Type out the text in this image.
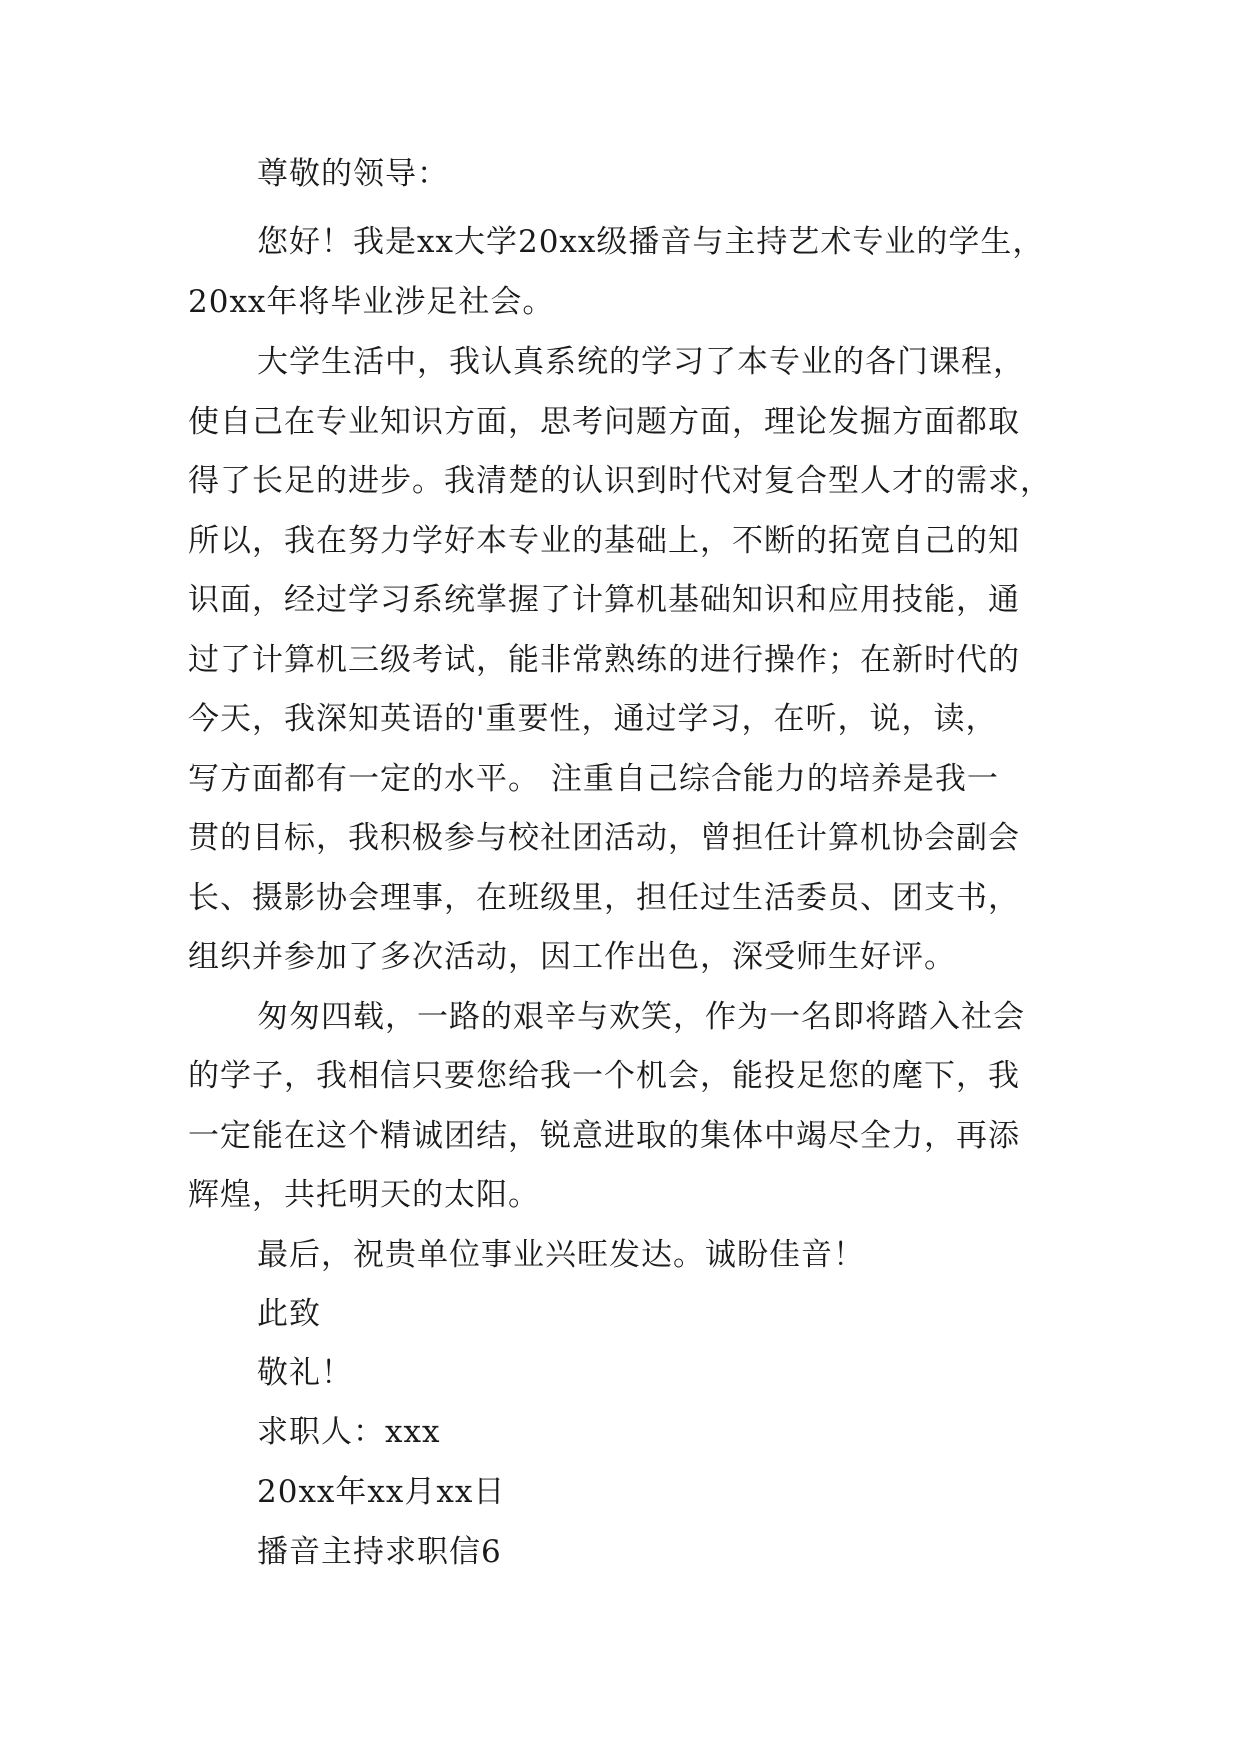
尊敬的领导：
您好！我是xx大学20xx级播音与主持艺术专业的学生，
20xx年将毕业涉足社会。
大学生活中，我认真系统的学习了本专业的各门课程，
使自己在专业知识方面，思考问题方面，理论发掘方面都取
得了长足的进步。我清楚的认识到时代对复合型人才的需求，
所以，我在努力学好本专业的基础上，不断的拓宽自己的知
识面，经过学习系统掌握了计算机基础知识和应用技能，通
过了计算机三级考试，能非常熟练的进行操作；在新时代的
今天，我深知英语的'重要性，通过学习，在听，说，读，
写方面都有一定的水平。 注重自己综合能力的培养是我一
贯的目标，我积极参与校社团活动，曾担任计算机协会副会
长、摄影协会理事，在班级里，担任过生活委员、团支书，
组织并参加了多次活动，因工作出色，深受师生好评。
匆匆四载，一路的艰辛与欢笑，作为一名即将踏入社会
的学子，我相信只要您给我一个机会，能投足您的麾下，我
一定能在这个精诚团结，锐意进取的集体中竭尽全力，再添
辉煌，共托明天的太阳。
最后，祝贵单位事业兴旺发达。诚盼佳音！
此致
敬礼！
求职人：xxx
20xx年xx月xx日
播音主持求职信6
